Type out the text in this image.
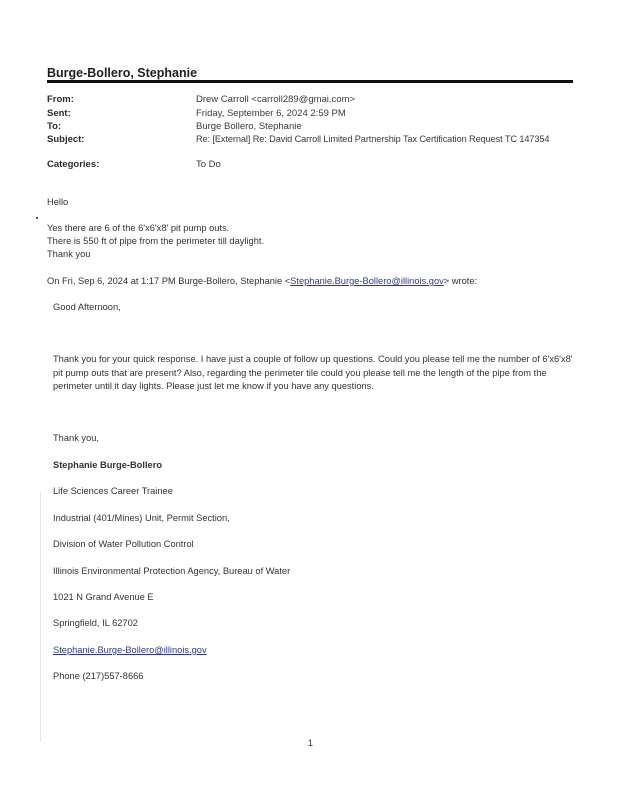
Burge-Bollero, Stephanie
From:	Drew Carroll <carroll289@gmai.com>
Sent:	Friday, September 6, 2024 2:59 PM
To:	Burge Bollero, Stephanie
Subject:	Re: [External] Re: David Carroll Limited Partnership Tax Certification Request TC 147354
Categories:	To Do
Hello
Yes there are 6 of the 6'x6'x8' pit pump outs.
There is 550 ft of pipe from the perimeter till daylight.
Thank you
On Fri, Sep 6, 2024 at 1:17 PM Burge-Bollero, Stephanie <Stephanie.Burge-Bollero@illinois.gov> wrote:
Good Afternoon,
Thank you for your quick response. I have just a couple of follow up questions. Could you please tell me the number of 6'x6'x8' pit pump outs that are present? Also, regarding the perimeter tile could you please tell me the length of the pipe from the perimeter until it day lights. Please just let me know if you have any questions.
Thank you,
Stephanie Burge-Bollero
Life Sciences Career Trainee
Industrial (401/Mines) Unit, Permit Section,
Division of Water Pollution Control
Illinois Environmental Protection Agency, Bureau of Water
1021 N Grand Avenue E
Springfield, IL 62702
Stephanie.Burge-Bollero@illinois.gov
Phone (217)557-8666
1
